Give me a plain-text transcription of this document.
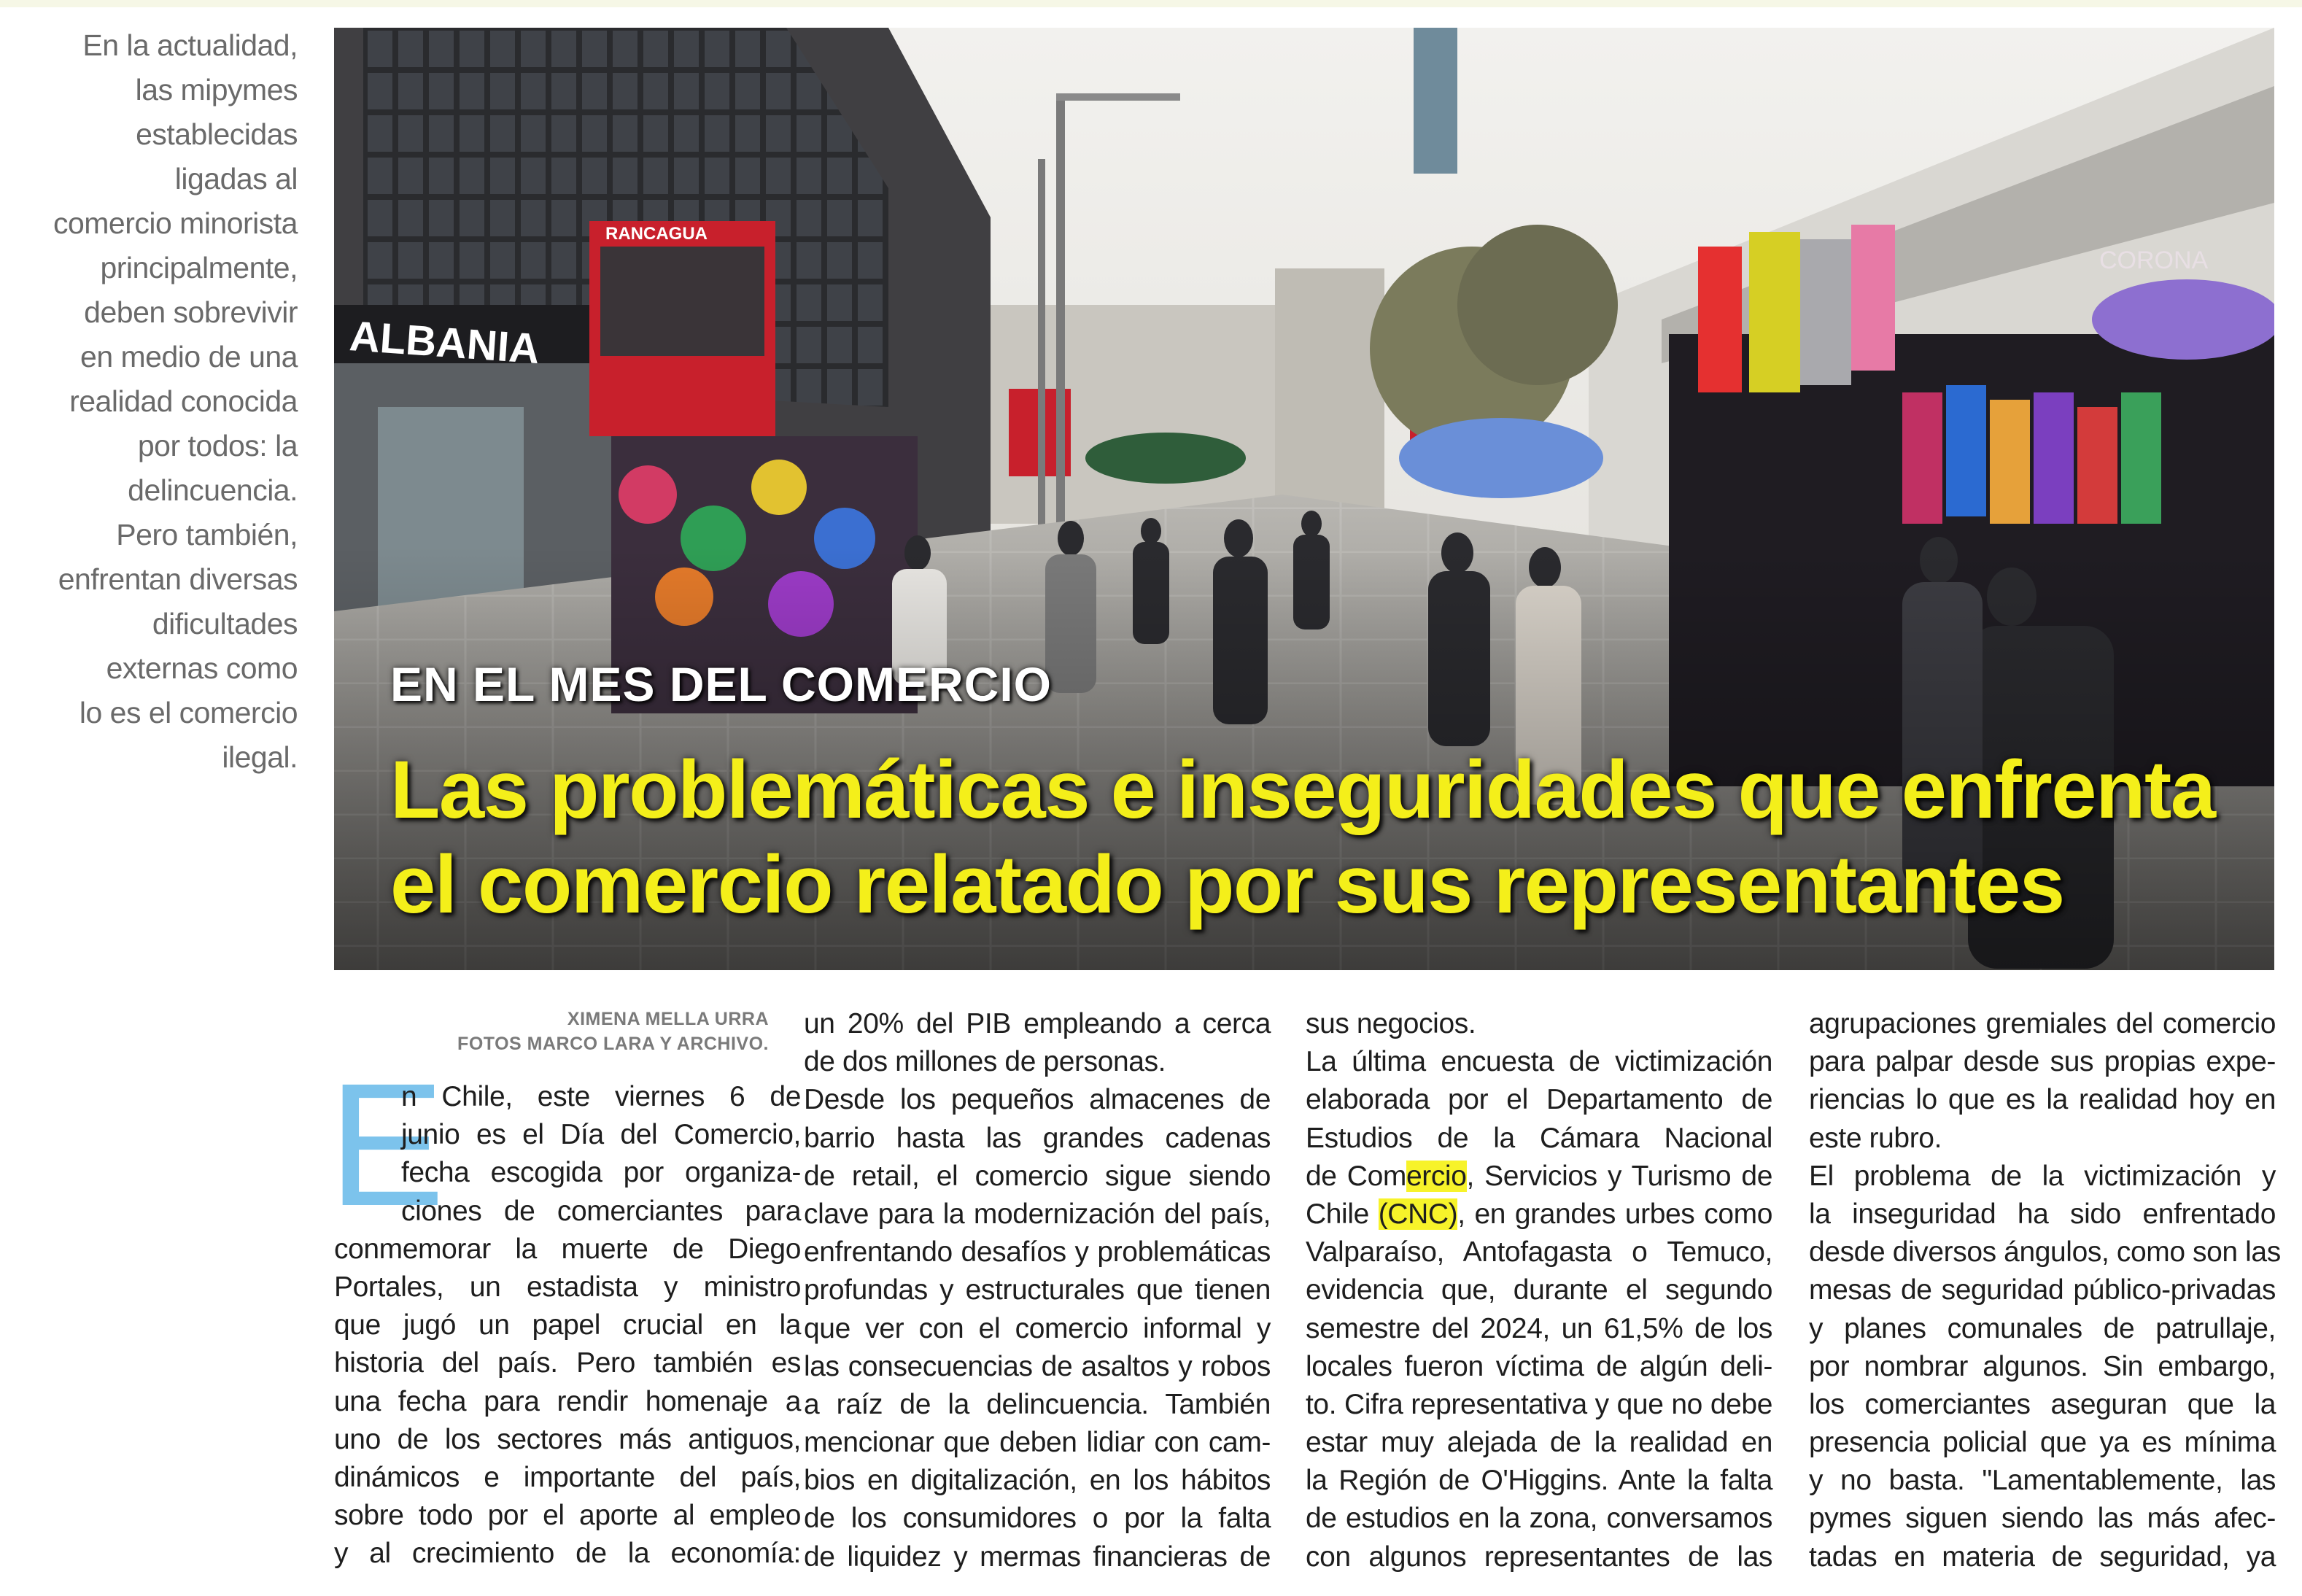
En la actualidad,
las mipymes
establecidas
ligadas al
comercio minorista
principalmente,
deben sobrevivir
en medio de una
realidad conocida
por todos: la
delincuencia.
Pero también,
enfrentan diversas
dificultades
externas como
lo es el comercio
ilegal.
EN EL MES DEL COMERCIO
Las problemáticas e inseguridades que enfrenta
el comercio relatado por sus representantes
XIMENA MELLA URRA
FOTOS MARCO LARA Y ARCHIVO.
E
n Chile, este viernes 6 de
junio es el Día del Comercio,
fecha escogida por organiza-
ciones de comerciantes para
conmemorar la muerte de Diego
Portales, un estadista y ministro
que jugó un papel crucial en la
historia del país. Pero también es
una fecha para rendir homenaje a
uno de los sectores más antiguos,
dinámicos e importante del país,
sobre todo por el aporte al empleo
y al crecimiento de la economía:
un 20% del PIB empleando a cerca
de dos millones de personas.
Desde los pequeños almacenes de
barrio hasta las grandes cadenas
de retail, el comercio sigue siendo
clave para la modernización del país,
enfrentando desafíos y problemáticas
profundas y estructurales que tienen
que ver con el comercio informal y
las consecuencias de asaltos y robos
a raíz de la delincuencia. También
mencionar que deben lidiar con cam-
bios en digitalización, en los hábitos
de los consumidores o por la falta
de liquidez y mermas financieras de
sus negocios.
La última encuesta de victimización
elaborada por el Departamento de
Estudios de la Cámara Nacional
de Comercio, Servicios y Turismo de
Chile (CNC), en grandes urbes como
Valparaíso, Antofagasta o Temuco,
evidencia que, durante el segundo
semestre del 2024, un 61,5% de los
locales fueron víctima de algún deli-
to. Cifra representativa y que no debe
estar muy alejada de la realidad en
la Región de O'Higgins. Ante la falta
de estudios en la zona, conversamos
con algunos representantes de las
agrupaciones gremiales del comercio
para palpar desde sus propias expe-
riencias lo que es la realidad hoy en
este rubro.
El problema de la victimización y
la inseguridad ha sido enfrentado
desde diversos ángulos, como son las
mesas de seguridad público-privadas
y planes comunales de patrullaje,
por nombrar algunos. Sin embargo,
los comerciantes aseguran que la
presencia policial que ya es mínima
y no basta. "Lamentablemente, las
pymes siguen siendo las más afec-
tadas en materia de seguridad, ya
